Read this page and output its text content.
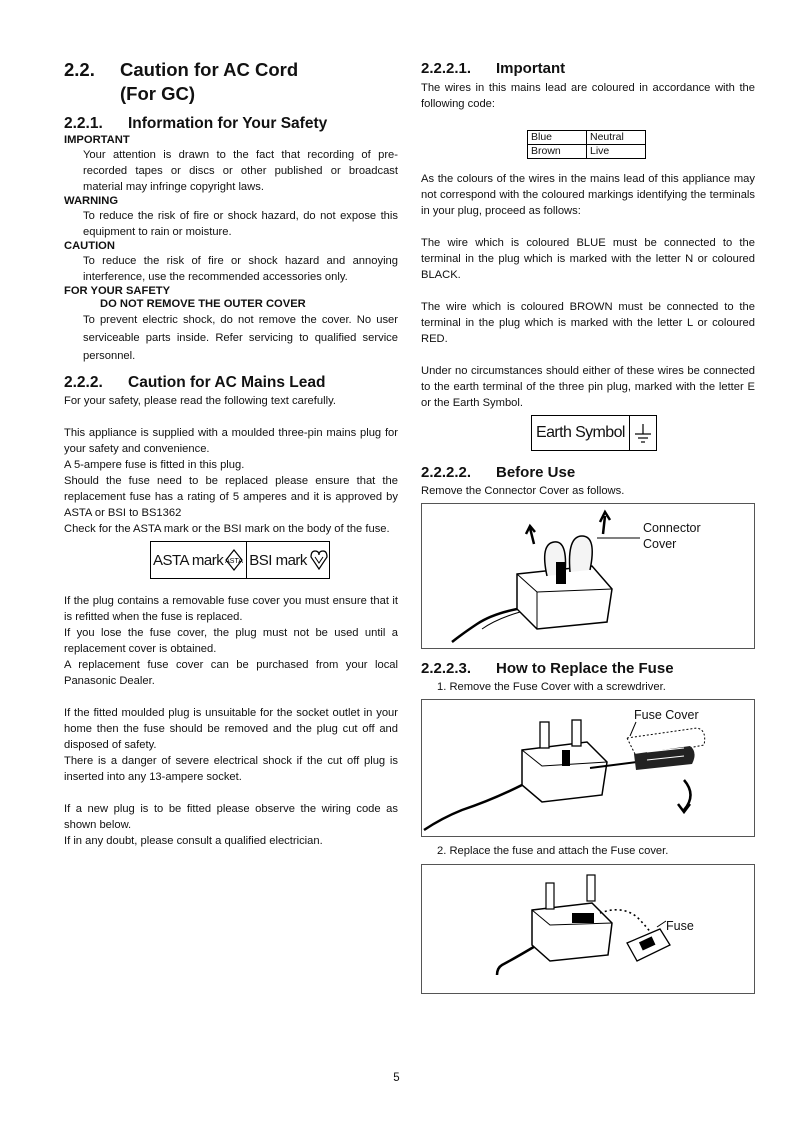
2.2.	Caution for AC Cord
(For GC)
2.2.1.	Information for Your Safety
IMPORTANT

Your attention is drawn to the fact that recording of pre-recorded tapes or discs or other published or broadcast material may infringe copyright laws.

WARNING

To reduce the risk of fire or shock hazard, do not expose this equipment to rain or moisture.

CAUTION

To reduce the risk of fire or shock hazard and annoying interference, use the recommended accessories only.

FOR YOUR SAFETY
DO NOT REMOVE THE OUTER COVER

To prevent electric shock, do not remove the cover. No user serviceable parts inside. Refer servicing to qualified service personnel.

2.2.2.	Caution for AC Mains Lead

For your safety, please read the following text carefully.

This appliance is supplied with a moulded three-pin mains plug for your safety and convenience.

A 5-ampere fuse is fitted in this plug.

Should the fuse need to be replaced please ensure that the replacement fuse has a rating of 5 amperes and it is approved by ASTA or BSI to BS1362

Check for the ASTA mark or the BSI mark on the body of the fuse.

ASTA mark ASTA BSI mark

If the plug contains a removable fuse cover you must ensure that it is refitted when the fuse is replaced.

If you lose the fuse cover, the plug must not be used until a replacement cover is obtained.

A replacement fuse cover can be purchased from your local Panasonic Dealer.

If the fitted moulded plug is unsuitable for the socket outlet in your home then the fuse should be removed and the plug cut off and disposed of safety.

There is a danger of severe electrical shock if the cut off plug is inserted into any 13-ampere socket.

If a new plug is to be fitted please observe the wiring code as shown below.

If in any doubt, please consult a qualified electrician.

2.2.2.1.	Important

The wires in this mains lead are coloured in accordance with the following code:

Blue	Neutral
Brown	Live

As the colours of the wires in the mains lead of this appliance may not correspond with the coloured markings identifying the terminals in your plug, proceed as follows:

The wire which is coloured BLUE must be connected to the terminal in the plug which is marked with the letter N or coloured BLACK.

The wire which is coloured BROWN must be connected to the terminal in the plug which is marked with the letter L or coloured RED.

Under no circumstances should either of these wires be connected to the earth terminal of the three pin plug, marked with the letter E or the Earth Symbol.

Earth Symbol
2.2.2.2.	Before Use

Remove the Connector Cover as follows.

Connector
Cover
2.2.2.3.	How to Replace the Fuse

1. Remove the Fuse Cover with a screwdriver.

Fuse Cover

2. Replace the fuse and attach the Fuse cover.

Fuse
5
